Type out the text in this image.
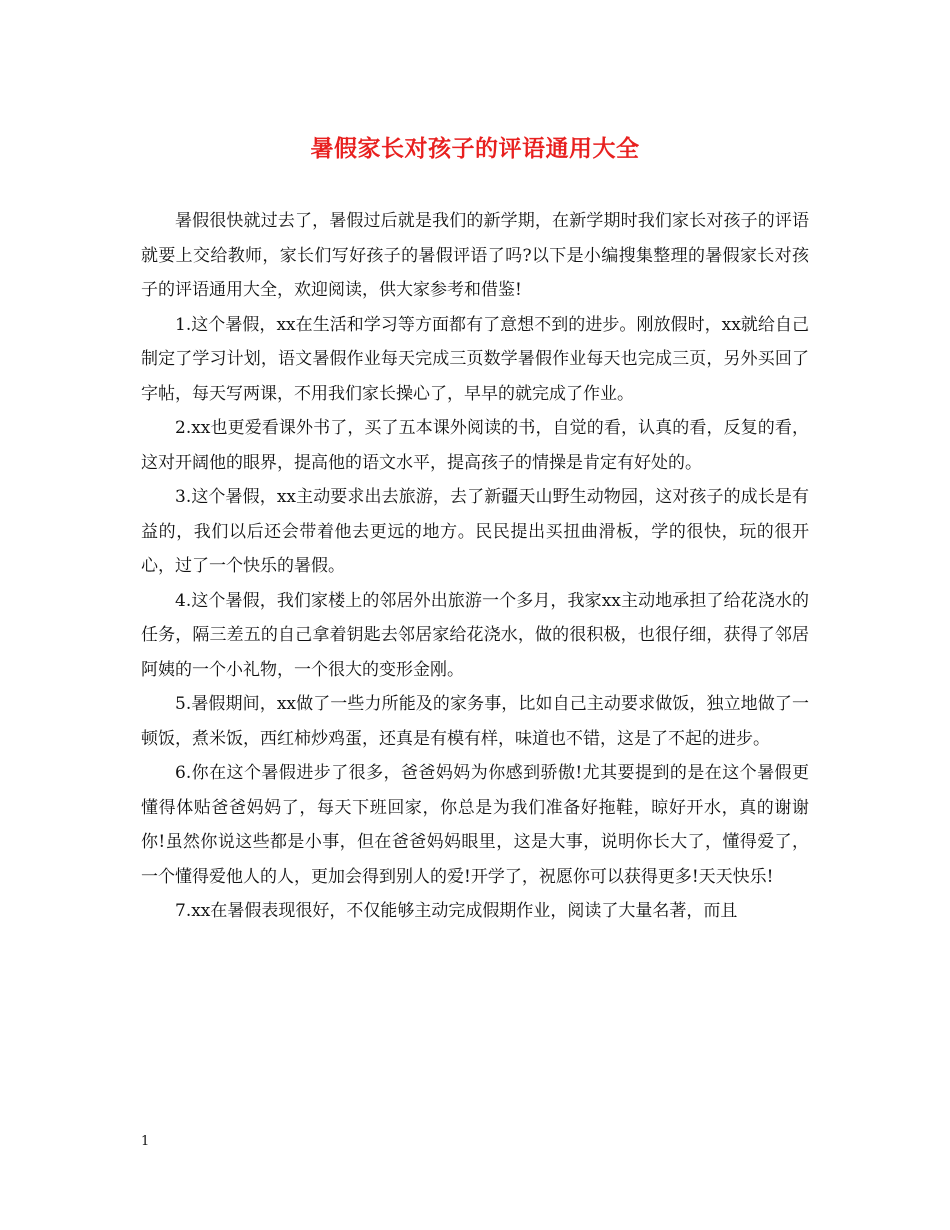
暑假家长对孩子的评语通用大全

暑假很快就过去了，暑假过后就是我们的新学期，在新学期时我们家长对孩子的评语就要上交给教师，家长们写好孩子的暑假评语了吗?以下是小编搜集整理的暑假家长对孩子的评语通用大全，欢迎阅读，供大家参考和借鉴!

1.这个暑假，xx在生活和学习等方面都有了意想不到的进步。刚放假时，xx就给自己制定了学习计划，语文暑假作业每天完成三页数学暑假作业每天也完成三页，另外买回了字帖，每天写两课，不用我们家长操心了，早早的就完成了作业。

2.xx也更爱看课外书了，买了五本课外阅读的书，自觉的看，认真的看，反复的看，这对开阔他的眼界，提高他的语文水平，提高孩子的情操是肯定有好处的。

3.这个暑假，xx主动要求出去旅游，去了新疆天山野生动物园，这对孩子的成长是有益的，我们以后还会带着他去更远的地方。民民提出买扭曲滑板，学的很快，玩的很开心，过了一个快乐的暑假。

4.这个暑假，我们家楼上的邻居外出旅游一个多月，我家xx主动地承担了给花浇水的任务，隔三差五的自己拿着钥匙去邻居家给花浇水，做的很积极，也很仔细，获得了邻居阿姨的一个小礼物，一个很大的变形金刚。

5.暑假期间，xx做了一些力所能及的家务事，比如自己主动要求做饭，独立地做了一顿饭，煮米饭，西红柿炒鸡蛋，还真是有模有样，味道也不错，这是了不起的进步。

6.你在这个暑假进步了很多，爸爸妈妈为你感到骄傲!尤其要提到的是在这个暑假更懂得体贴爸爸妈妈了，每天下班回家，你总是为我们准备好拖鞋，晾好开水，真的谢谢你!虽然你说这些都是小事，但在爸爸妈妈眼里，这是大事，说明你长大了，懂得爱了，一个懂得爱他人的人，更加会得到别人的爱!开学了，祝愿你可以获得更多!天天快乐!

7.xx在暑假表现很好，不仅能够主动完成假期作业，阅读了大量名著，而且

1
